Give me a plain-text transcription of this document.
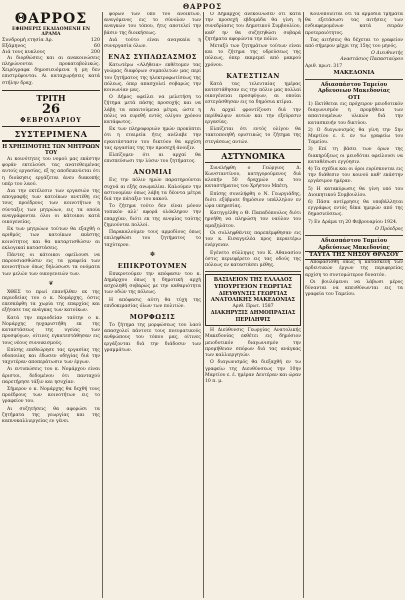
ΘΑΡΡΟΣ
ΘΑΡΡΟΣ
ΕΦΗΜΕΡΙΣ ΕΚΔΙΔΟΜΕΝΗ ΕΝ ΔΡΑΜΑ
Συνδρομή ετησία Δρ.	120
Εξάμηνος	60
Διά τους κυκλους	200
Αι διορθώσεις και αι ανακοινώσεις πληρώνονται προκαταβολικώς. Χειρόγραφα δημοσιευόμενα ή μη δεν επιστρέφονται. Αι καταχωρήσεις κατά στήλην δραχ.
ΤΡΙΤΗ
26
ΦΕΒΡΟΥΑΡΙΟΥ
ΣΥΣΤΕΡΙΜΕΝΑ
Η ΧΡΗΣΙΜΟΤΗΣ ΤΩΝ ΜΗΤΡΩΩΝ ΤΟΥ
Αι κοινότητες του νομού μας εκάστην φοράν εκτελούσι τας ανατεθειμένας αυτοίς εργασίας, εξ ης αποδεικνύεται ότι η διοίκησις εργάζεται άνευ διακοπής υπέρ του λαού.
Δια την εκτέλεσιν των εργασιών της απογραφής των κατοίκων ανετέθη εις τους προέδρους των κοινοτήτων η σύνταξις των μητρώων, εις τα οποία αναγράφονται όλοι οι κάτοικοι κατά οικογενείας.
Εκ των μητρώων τούτων θα εξαχθή ο αριθμός των κατοίκων εκάστης κοινότητος και θα καταρτισθώσιν αι εκλογικαί καταστάσεις.
Πάντες οι κάτοικοι οφείλουσι να παρουσιασθώσιν εις τα γραφεία των κοινοτήτων όπως δηλώσωσι τα ονόματα των μελών των οικογενειών των.
❦
ΧΘΕΣ το πρωί επανήλθεν εκ της περιοδείας του ο κ. Νομάρχης, όστις επεσκέφθη τα χωρία της επαρχίας και εξήτασε τας ανάγκας των κατοίκων.
Κατά την περιοδείαν ταύτην ο κ. Νομάρχης ηυχαριστήθη εκ της καταστάσεως της υγείας των προσφύγων, οίτινες εγκατεστάθησαν εις τους νέους συνοικισμούς.
Επίσης επεθεώρησε τας εργασίας της οδοποιίας και έδωσεν οδηγίας διά την ταχυτέραν αποπεράτωσιν των έργων.
Αι εντυπώσεις του κ. Νομάρχου είναι άριστοι, δεδομένου ότι πανταχού παρετήρησε τάξιν και ησυχίαν.
Σήμερον ο κ. Νομάρχης θα δεχθή τους προέδρους των κοινοτήτων εις το γραφείον του.
Αι συζητήσεις θα αφορώσι τα ζητήματα της γεωργίας και της καπνοκαλλιεργείας εν γένει.
φορών των υπό του ανοικτών, αναγόμενος εις το σύνολον των αναγκών του τόπου, ήτις αποτελεί την βάσιν της διοικήσεως.
Διά τούτο είναι αναγκαία η συνεργασία όλων.
ΕΝΑΣ ΣΥΠΛΩΣΑΣΜΟΣ
Κατωτέρω «Αλήθεια» εκθέτομεν τας γνώμας διαφόρων συμπολιτών μας περί του ζητήματος της ηλεκτροφωτίσεως της πόλεως, όπερ απασχολεί σοβαρώς την κοινωνίαν μας.
Ο Δήμος οφείλει να μελετήση το ζήτημα μετά πάσης προσοχής και να λάβη τα απαιτούμενα μέτρα, ώστε η πόλις να ευρεθή εντός ολίγου χρόνου κατάφωτος.
Εκ των πληροφοριών ημών προκύπτει ότι η εταιρεία ήτις ανέλαβε την εγκατάστασιν του δικτύου θα αρχίση τας εργασίας της την προσεχή άνοιξιν.
Ελπίζομεν ότι αι αρχαί θα επισπεύσωσι την λύσιν του ζητήματος.
ΑΝΟΜΙΑΙ
Εις την πόλιν ημών παρατηρούνται συχνά αι εξής ανωμαλίαι. Καλούμεν την αστυνομίαν όπως λάβη τα δέοντα μέτρα διά την πάταξιν του κακού.
Το ζήτημα τούτο δεν είναι μόνον τοπικόν αλλ' αφορά ολόκληρον την επαρχίαν, διότι εκ της ανομίας ταύτης ζημιούνται πολλοί.
Παρακαλούμεν τους αρμοδίους όπως επιληφθώσι του ζητήματος το ταχύτερον.
✽
ΕΠΙΚΡΟΤΟΥΜΕΝ
Επικροτούμεν την απόφασιν του κ. Δημάρχου όπως η δημοτική αρχή ασχοληθή σοβαρώς με την καθαριότητα των οδών της πόλεως.
Η απόφασις αύτη θα τύχη της επιδοκιμασίας όλων των πολιτών.
ΜΟΡΦΩΣΙΣ
Το ζήτημα της μορφώσεως του λαού απασχολεί πάντοτε τους πνευματικούς ανθρώπους του τόπου μας, οίτινες εργάζονται διά την διάδοσιν των γραμμάτων.
Ο Δήμαρχος ανεκοίνωσεν ότι κατά την προσεχή εβδομάδα θα γίνη η συνεδρίασις του Δημοτικού Συμβουλίου, καθ' ην θα συζητηθώσι σοβαρά ζητήματα αφορώντα την πόλιν.
Μεταξύ των ζητημάτων τούτων είναι και το ζήτημα της υδρεύσεως της πόλεως, όπερ εκκρεμεί από μακρού χρόνου.
ΚΑΤΕΣΤΙΣΑΝ
Κατά τας τελευταίας ημέρας κατεστάθησαν εις την πόλιν μας πολλαί οικογένειαι προσφύγων, αι οποίαι εστεγάσθησαν εις τα δημόσια κτίρια.
Αι αρχαί φροντίζουσι διά την περίθαλψιν αυτών και την εξεύρεσιν εργασίας.
Ελπίζεται ότι εντός ολίγου θα τακτοποιηθή οριστικώς το ζήτημα της στεγάσεως αυτών.
ΑΣΤΥΝΟΜΙΚΑ
Συνελήφθη ο Γεώργιος Δ. Κωνσταντίνου, κατηγορούμενος διά κλοπήν 50 δραχμών εκ του καταστήματος του Χρήστου Μπέτη.
Επίσης συνελήφθη ο Ν. Γεωργιάδης, διότι εξύβρισε δημόσιον υπάλληλον εν ώρα υπηρεσίας.
Κατηγγέλθη ο Θ. Παπαδόπουλος διότι ηρνήθη να πληρώση τον ναύλον του αμαξηλάτου.
Οι συλληφθέντες παρεπέμφθησαν εις τον κ. Εισαγγελέα προς περαιτέρω ενέργειαν.
Εγένετο σύλληψις του Κ. Αθανασίου όστις περιεφέρετο εις τας οδούς της πόλεως εν καταστάσει μέθης.
ΒΑΣΙΛΕΙΟΝ ΤΗΣ ΕΛΛΑΔΟΣ
ΥΠΟΥΡΓΕΙΟΝ ΓΕΩΡΓΙΑΣ
ΔΙΕΥΘΥΝΣΙΣ ΓΕΩΡΓΙΑΣ ΑΝΑΤΟΛΙΚΗΣ ΜΑΚΕΔΟΝΙΑΣ
Αριθ. Πρωτ. 1587
ΔΙΑΚΗΡΥΞΙΣ ΔΗΜΟΠΡΑΣΙΑΣ ΠΕΡΙΛΗΨΙΣ
Η Διεύθυνσις Γεωργίας Ανατολικής Μακεδονίας εκθέτει εις δημόσιον μειοδοτικόν διαγωνισμόν την προμήθειαν σπόρων διά τας ανάγκας των καλλιεργητών.
Ο διαγωνισμός θα διεξαχθή εν τω γραφείω της Διευθύνσεως την 10ην Μαρτίου ε. έ. ημέραν Δευτέραν και ώραν 10 π. μ.
Κοινοποιείται ότι τα αρμόδια τμήματα θα εξετάσωσι τας αιτήσεις των ενδιαφερομένων κατά σειράν προτεραιότητος.
Τας αιτήσεις θα δέχεται το γραφείον από σήμερον μέχρι της 15ης του μηνός.
Ο Διευθυντής
Αναστάσιος Παπασταύρου
Αριθ. πρωτ. 317
ΜΑΚΕΔΟΝΙΑ
Αδιασπάστου Ταμείου Αρδευσεων Μακεδονίας
ΟΤΙ
1) Εκτίθεται εις πρόχειρον μειοδοτικόν διαγωνισμόν η προμήθεια των απαιτουμένων υλικών διά την κατασκευήν του δικτύου.
2) Ο διαγωνισμός θα γίνη την 5ην Μαρτίου ε. έ. εν τω γραφείω του Ταμείου.
3) Επί τη βάσει των όρων της διακηρύξεως οι μειοδόται οφείλουσι να καταθέσωσι εγγύησιν.
4) Τα σχέδια και οι όροι ευρίσκονται εις την διάθεσιν του κοινού καθ' εκάστην εργάσιμον ημέραν.
5) Η κατακύρωσις θα γίνη υπό του Διοικητικού Συμβουλίου.
6) Πάσα αντίρρησις θα υποβάλληται εγγράφως εντός δέκα ημερών από της δημοσιεύσεως.
7) Εν Δράμα τη 20 Φεβρουαρίου 1924.
Ο Πρόεδρος
Αδιασπάστου Ταμείου Αρδεύσεως Μακεδονίας
ΤΑΥΤΑ ΤΗΣ ΝΗΣΟΥ ΘΡΑΣΟΥ
Αποφασίσθη όπως η κατασκευή των αρδευτικών έργων της περιφερείας αρχίση το συντομώτερον δυνατόν.
Οι βουλόμενοι να λάβωσι μέρος δύνανται να απευθύνωνται εις τα γραφεία του Ταμείου.
